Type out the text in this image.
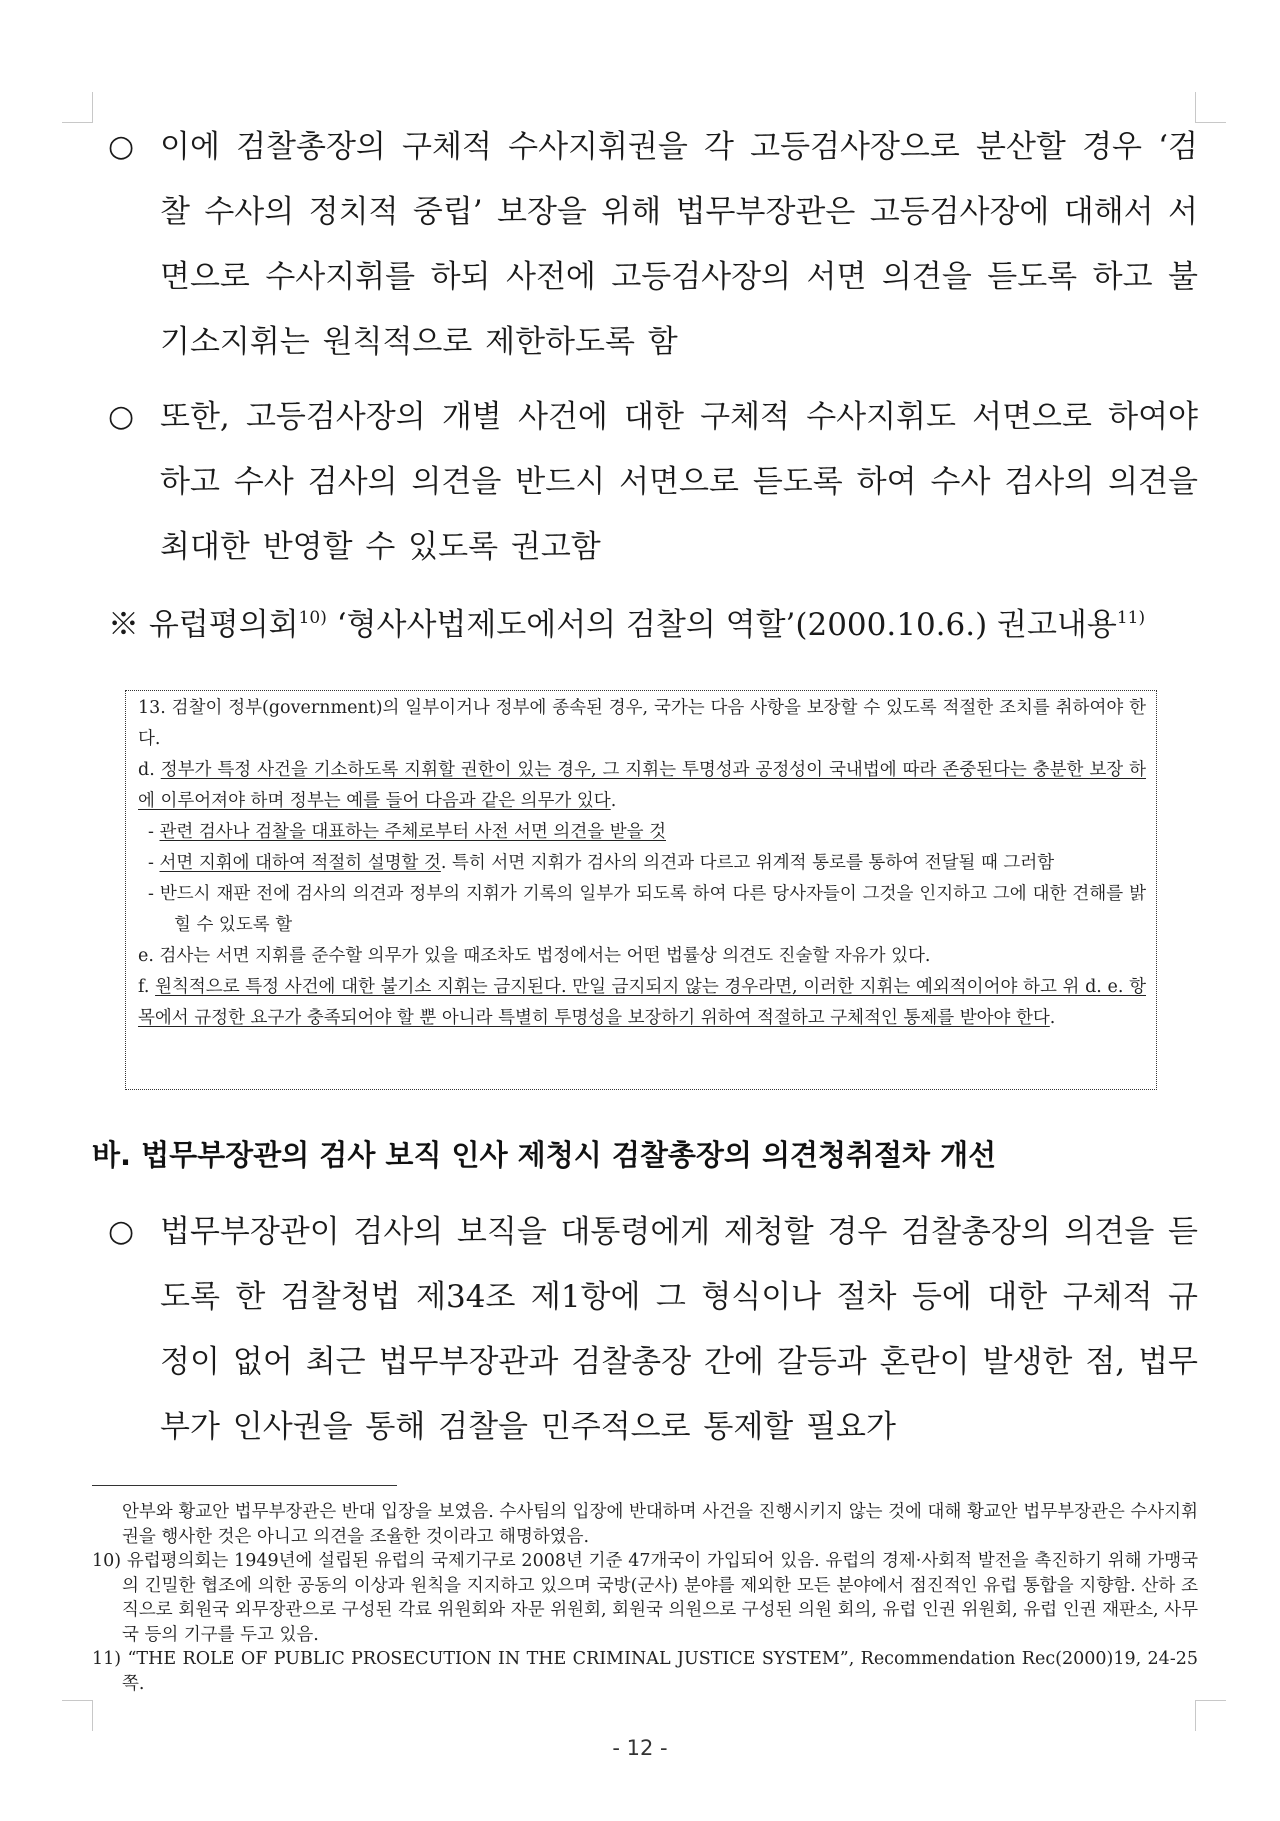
○ 이에 검찰총장의 구체적 수사지휘권을 각 고등검사장으로 분산할 경우 ‘검찰 수사의 정치적 중립’ 보장을 위해 법무부장관은 고등검사장에 대해서 서면으로 수사지휘를 하되 사전에 고등검사장의 서면 의견을 듣도록 하고 불기소지휘는 원칙적으로 제한하도록 함
○ 또한, 고등검사장의 개별 사건에 대한 구체적 수사지휘도 서면으로 하여야 하고 수사 검사의 의견을 반드시 서면으로 듣도록 하여 수사 검사의 의견을 최대한 반영할 수 있도록 권고함
※ 유럽평의회$^{10)}$ ‘형사사법제도에서의 검찰의 역할’(2000.10.6.) 권고내용$^{11)}$

13. 검찰이 정부(government)의 일부이거나 정부에 종속된 경우, 국가는 다음 사항을 보장할 수 있도록 적절한 조치를 취하여야 한다.

d. 정부가 특정 사건을 기소하도록 지휘할 권한이 있는 경우, 그 지휘는 투명성과 공정성이 국내법에 따라 존중된다는 충분한 보장 하에 이루어져야 하며 정부는 예를 들어 다음과 같은 의무가 있다.

- 관련 검사나 검찰을 대표하는 주체로부터 사전 서면 의견을 받을 것

- 서면 지휘에 대하여 적절히 설명할 것. 특히 서면 지휘가 검사의 의견과 다르고 위계적 통로를 통하여 전달될 때 그러함

- 반드시 재판 전에 검사의 의견과 정부의 지휘가 기록의 일부가 되도록 하여 다른 당사자들이 그것을 인지하고 그에 대한 견해를 밝힐 수 있도록 할

e. 검사는 서면 지휘를 준수할 의무가 있을 때조차도 법정에서는 어떤 법률상 의견도 진술할 자유가 있다.

f. 원칙적으로 특정 사건에 대한 불기소 지휘는 금지된다. 만일 금지되지 않는 경우라면, 이러한 지휘는 예외적이어야 하고 위 d. e. 항목에서 규정한 요구가 충족되어야 할 뿐 아니라 특별히 투명성을 보장하기 위하여 적절하고 구체적인 통제를 받아야 한다.

바. 법무부장관의 검사 보직 인사 제청시 검찰총장의 의견청취절차 개선
○ 법무부장관이 검사의 보직을 대통령에게 제청할 경우 검찰총장의 의견을 듣도록 한 검찰청법 제34조 제1항에 그 형식이나 절차 등에 대한 구체적 규정이 없어 최근 법무부장관과 검찰총장 간에 갈등과 혼란이 발생한 점, 법무부가 인사권을 통해 검찰을 민주적으로 통제할 필요가

안부와 황교안 법무부장관은 반대 입장을 보였음. 수사팀의 입장에 반대하며 사건을 진행시키지 않는 것에 대해 황교안 법무부장관은 수사지휘권을 행사한 것은 아니고 의견을 조율한 것이라고 해명하였음.

10) 유럽평의회는 1949년에 설립된 유럽의 국제기구로 2008년 기준 47개국이 가입되어 있음. 유럽의 경제·사회적 발전을 촉진하기 위해 가맹국의 긴밀한 협조에 의한 공동의 이상과 원칙을 지지하고 있으며 국방(군사) 분야를 제외한 모든 분야에서 점진적인 유럽 통합을 지향함. 산하 조직으로 회원국 외무장관으로 구성된 각료 위원회와 자문 위원회, 회원국 의원으로 구성된 의원 회의, 유럽 인권 위원회, 유럽 인권 재판소, 사무국 등의 기구를 두고 있음.

11) “THE ROLE OF PUBLIC PROSECUTION IN THE CRIMINAL JUSTICE SYSTEM”, Recommendation Rec(2000)19, 24-25쪽.

- 12 -
